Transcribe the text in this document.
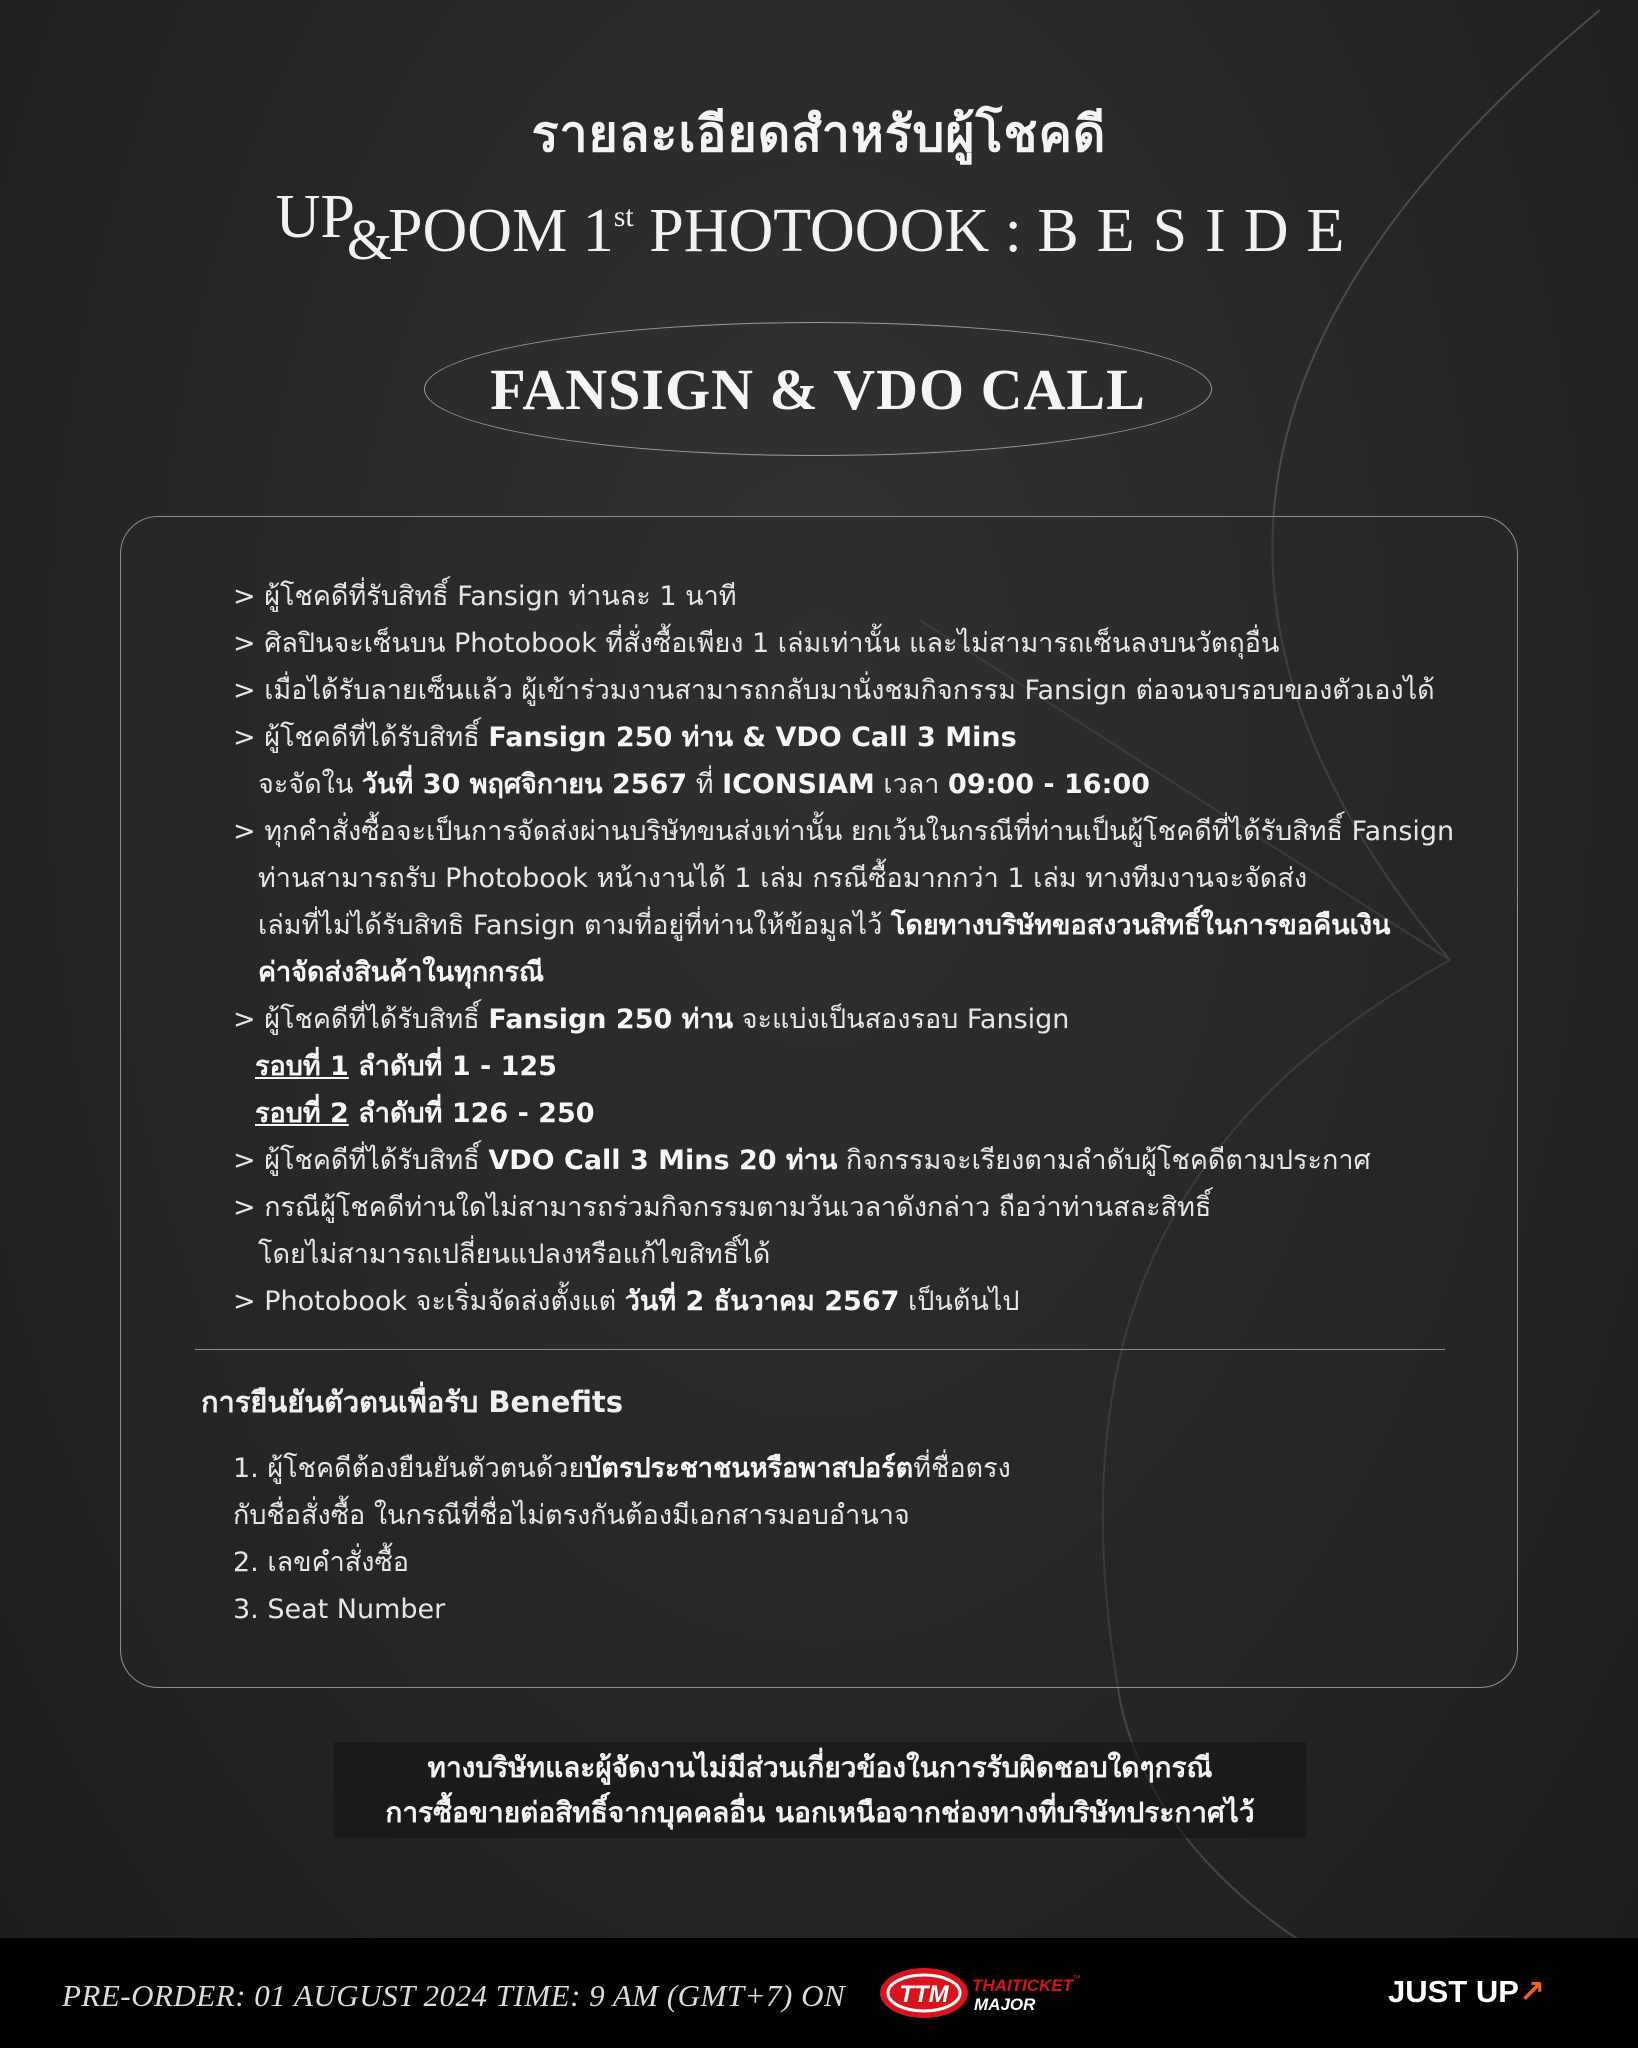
รายละเอียดสำหรับผู้โชคดี
UP&POOM 1st PHOTOOOK : BESIDE
FANSIGN & VDO CALL
> ผู้โชคดีที่รับสิทธิ์ Fansign ท่านละ 1 นาที
> ศิลปินจะเซ็นบน Photobook ที่สั่งซื้อเพียง 1 เล่มเท่านั้น และไม่สามารถเซ็นลงบนวัตถุอื่น
> เมื่อได้รับลายเซ็นแล้ว ผู้เข้าร่วมงานสามารถกลับมานั่งชมกิจกรรม Fansign ต่อจนจบรอบของตัวเองได้
> ผู้โชคดีที่ได้รับสิทธิ์ Fansign 250 ท่าน & VDO Call 3 Mins
จะจัดใน วันที่ 30 พฤศจิกายน 2567 ที่ ICONSIAM เวลา 09:00 - 16:00
> ทุกคำสั่งซื้อจะเป็นการจัดส่งผ่านบริษัทขนส่งเท่านั้น ยกเว้นในกรณีที่ท่านเป็นผู้โชคดีที่ได้รับสิทธิ์ Fansign
ท่านสามารถรับ Photobook หน้างานได้ 1 เล่ม กรณีซื้อมากกว่า 1 เล่ม ทางทีมงานจะจัดส่ง
เล่มที่ไม่ได้รับสิทธิ Fansign ตามที่อยู่ที่ท่านให้ข้อมูลไว้ โดยทางบริษัทขอสงวนสิทธิ์ในการขอคืนเงิน
ค่าจัดส่งสินค้าในทุกกรณี
> ผู้โชคดีที่ได้รับสิทธิ์ Fansign 250 ท่าน จะแบ่งเป็นสองรอบ Fansign
รอบที่ 1 ลำดับที่ 1 - 125
รอบที่ 2 ลำดับที่ 126 - 250
> ผู้โชคดีที่ได้รับสิทธิ์ VDO Call 3 Mins 20 ท่าน กิจกรรมจะเรียงตามลำดับผู้โชคดีตามประกาศ
> กรณีผู้โชคดีท่านใดไม่สามารถร่วมกิจกรรมตามวันเวลาดังกล่าว ถือว่าท่านสละสิทธิ์
โดยไม่สามารถเปลี่ยนแปลงหรือแก้ไขสิทธิ์ได้
> Photobook จะเริ่มจัดส่งตั้งแต่ วันที่ 2 ธันวาคม 2567 เป็นต้นไป
การยืนยันตัวตนเพื่อรับ Benefits
1. ผู้โชคดีต้องยืนยันตัวตนด้วยบัตรประชาชนหรือพาสปอร์ตที่ชื่อตรง
กับชื่อสั่งซื้อ ในกรณีที่ชื่อไม่ตรงกันต้องมีเอกสารมอบอำนาจ
2. เลขคำสั่งซื้อ
3. Seat Number
ทางบริษัทและผู้จัดงานไม่มีส่วนเกี่ยวข้องในการรับผิดชอบใดๆกรณี
การซื้อขายต่อสิทธิ์จากบุคคลอื่น นอกเหนือจากช่องทางที่บริษัทประกาศไว้
PRE-ORDER: 01 AUGUST 2024 TIME: 9 AM (GMT+7) ON TTM THAITICKET
™
MAJOR	JUST UP↗
